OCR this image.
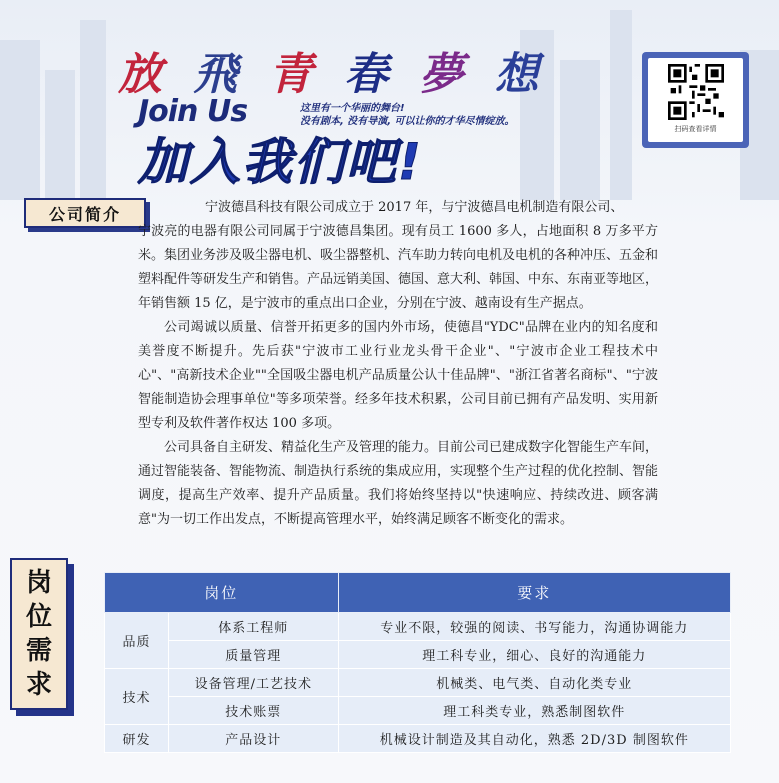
放 飛 青 春 夢 想
Join Us	这里有一个华丽的舞台!
没有剧本, 没有导演, 可以让你的才华尽情绽放。
加入我们吧!
扫码查看详情
公司简介	宁波德昌科技有限公司成立于 2017 年，与宁波德昌电机制造有限公司、

宁波亮的电器有限公司同属于宁波德昌集团。现有员工 1600 多人，占地面积 8 万多平方米。集团业务涉及吸尘器电机、吸尘器整机、汽车助力转向电机及电机的各种冲压、五金和塑料配件等研发生产和销售。产品远销美国、德国、意大利、韩国、中东、东南亚等地区，年销售额 15 亿，是宁波市的重点出口企业，分别在宁波、越南设有生产据点。

公司竭诚以质量、信誉开拓更多的国内外市场，使德昌"YDC"品牌在业内的知名度和美誉度不断提升。先后获"宁波市工业行业龙头骨干企业"、"宁波市企业工程技术中心"、"高新技术企业""全国吸尘器电机产品质量公认十佳品牌"、"浙江省著名商标"、"宁波智能制造协会理事单位"等多项荣誉。经多年技术积累，公司目前已拥有产品发明、实用新型专利及软件著作权达 100 多项。

公司具备自主研发、精益化生产及管理的能力。目前公司已建成数字化智能生产车间，通过智能装备、智能物流、制造执行系统的集成应用，实现整个生产过程的优化控制、智能调度，提高生产效率、提升产品质量。我们将始终坚持以"快速响应、持续改进、顾客满意"为一切工作出发点，不断提高管理水平，始终满足顾客不断变化的需求。

岗
位
需
求
岗位		要求
品质	体系工程师	专业不限，较强的阅读、书写能力，沟通协调能力
	质量管理	理工科专业，细心、良好的沟通能力
技术	设备管理/工艺技术	机械类、电气类、自动化类专业
	技术账票	理工科类专业，熟悉制图软件
研发	产品设计	机械设计制造及其自动化，熟悉 2D/3D 制图软件
